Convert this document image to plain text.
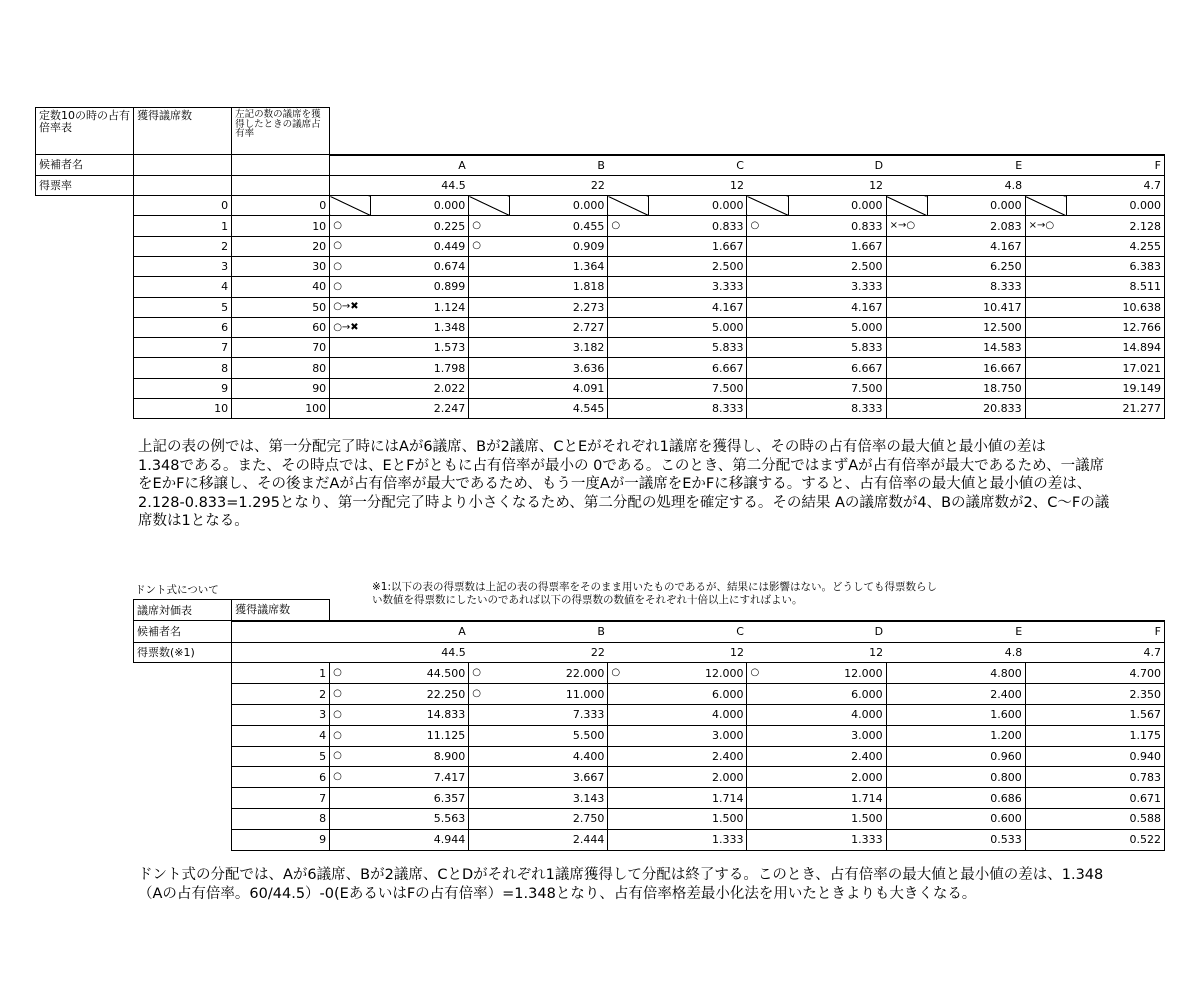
定数10の時の占有倍率表	獲得議席数	左記の数の議席を獲得したときの議席占有率												
候補者名			A		B		C		D		E		F	
得票率			44.5		22		12		12		4.8		4.7	
	0	0		0.000		0.000		0.000		0.000		0.000		0.000
	1	10	○	0.225	○	0.455	○	0.833	○	0.833	×→○	2.083	×→○	2.128
	2	20	○	0.449	○	0.909		1.667		1.667		4.167		4.255
	3	30	○	0.674		1.364		2.500		2.500		6.250		6.383
	4	40	○	0.899		1.818		3.333		3.333		8.333		8.511
	5	50	○→✖	1.124		2.273		4.167		4.167		10.417		10.638
	6	60	○→✖	1.348		2.727		5.000		5.000		12.500		12.766
	7	70		1.573		3.182		5.833		5.833		14.583		14.894
	8	80		1.798		3.636		6.667		6.667		16.667		17.021
	9	90		2.022		4.091		7.500		7.500		18.750		19.149
	10	100		2.247		4.545		8.333		8.333		20.833		21.277
上記の表の例では、第一分配完了時にはAが6議席、Bが2議席、CとEがそれぞれ1議席を獲得し、その時の占有倍率の最大値と最小値の差は
1.348である。また、その時点では、EとFがともに占有倍率が最小の 0である。このとき、第二分配ではまずAが占有倍率が最大であるため、一議席
をEかFに移譲し、その後まだAが占有倍率が最大であるため、もう一度Aが一議席をEかFに移譲する。すると、占有倍率の最大値と最小値の差は、
2.128-0.833=1.295となり、第一分配完了時より小さくなるため、第二分配の処理を確定する。その結果 Aの議席数が4、Bの議席数が2、C～Fの議
席数は1となる。
ドント式について	※1:以下の表の得票数は上記の表の得票率をそのまま用いたものであるが、結果には影響はない。どうしても得票数らし
い数値を得票数にしたいのであれば以下の得票数の数値をそれぞれ十倍以上にすればよい。
議席対価表	獲得議席数												
候補者名		A		B		C		D		E		F	
得票数(※1)		44.5		22		12		12		4.8		4.7	
	1	○	44.500	○	22.000	○	12.000	○	12.000		4.800		4.700
	2	○	22.250	○	11.000		6.000		6.000		2.400		2.350
	3	○	14.833		7.333		4.000		4.000		1.600		1.567
	4	○	11.125		5.500		3.000		3.000		1.200		1.175
	5	○	8.900		4.400		2.400		2.400		0.960		0.940
	6	○	7.417		3.667		2.000		2.000		0.800		0.783
	7		6.357		3.143		1.714		1.714		0.686		0.671
	8		5.563		2.750		1.500		1.500		0.600		0.588
	9		4.944		2.444		1.333		1.333		0.533		0.522
ドント式の分配では、Aが6議席、Bが2議席、CとDがそれぞれ1議席獲得して分配は終了する。このとき、占有倍率の最大値と最小値の差は、1.348
（Aの占有倍率。60/44.5）-0(EあるいはFの占有倍率）=1.348となり、占有倍率格差最小化法を用いたときよりも大きくなる。
